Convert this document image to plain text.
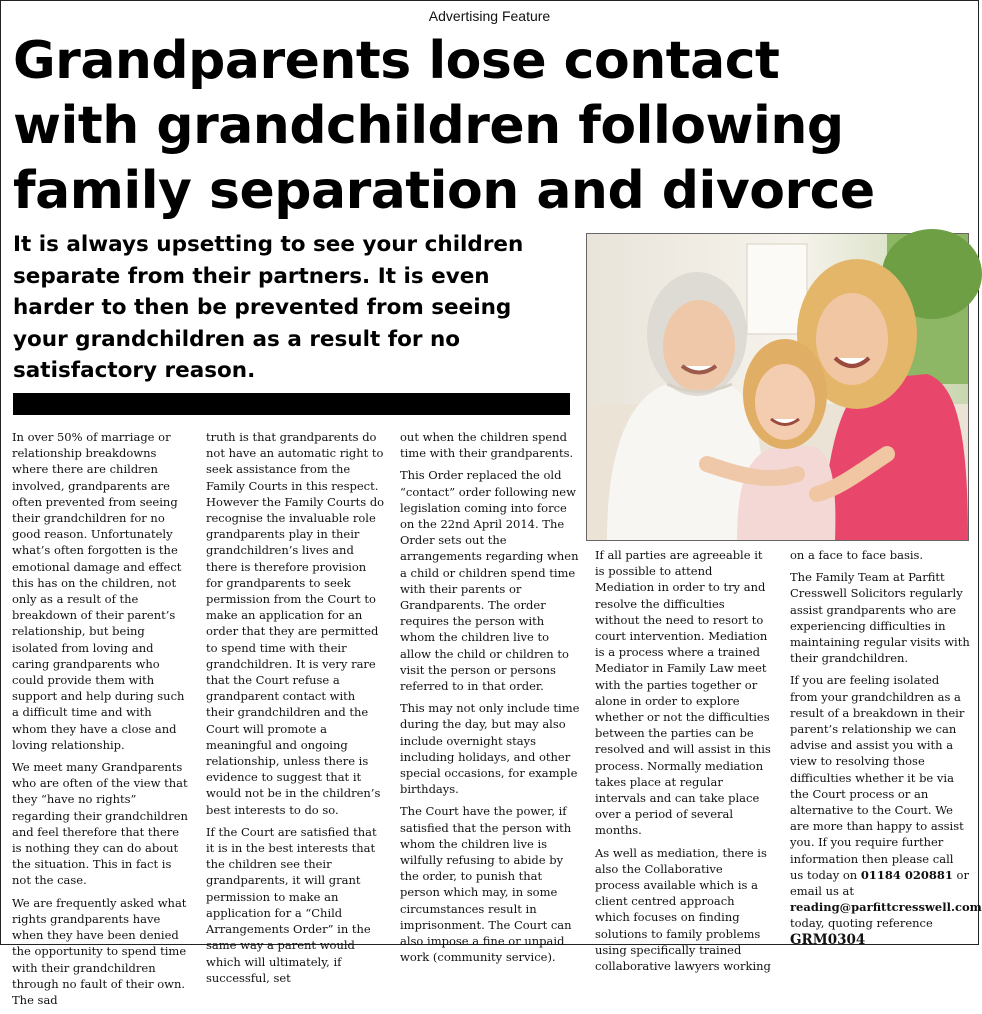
Advertising Feature
Grandparents lose contact
with grandchildren following
family separation and divorce

It is always upsetting to see your children separate from their partners. It is even harder to then be prevented from seeing your grandchildren as a result for no satisfactory reason.

In over 50% of marriage or relationship breakdowns where there are children involved, grandparents are often prevented from seeing their grandchildren for no good reason. Unfortunately what’s often forgotten is the emotional damage and effect this has on the children, not only as a result of the breakdown of their parent’s relationship, but being isolated from loving and caring grandparents who could provide them with support and help during such a difficult time and with whom they have a close and loving relationship.

We meet many Grandparents who are often of the view that they “have no rights” regarding their grandchildren and feel therefore that there is nothing they can do about the situation. This in fact is not the case.

We are frequently asked what rights grandparents have when they have been denied the opportunity to spend time with their grandchildren through no fault of their own. The sad

truth is that grandparents do not have an automatic right to seek assistance from the Family Courts in this respect. However the Family Courts do recognise the invaluable role grandparents play in their grandchildren’s lives and there is therefore provision for grandparents to seek permission from the Court to make an application for an order that they are permitted to spend time with their grandchildren. It is very rare that the Court refuse a grandparent contact with their grandchildren and the Court will promote a meaningful and ongoing relationship, unless there is evidence to suggest that it would not be in the children’s best interests to do so.

If the Court are satisfied that it is in the best interests that the children see their grandparents, it will grant permission to make an application for a “Child Arrangements Order” in the same way a parent would which will ultimately, if successful, set

out when the children spend time with their grandparents.

This Order replaced the old “contact” order following new legislation coming into force on the 22nd April 2014. The Order sets out the arrangements regarding when a child or children spend time with their parents or Grandparents. The order requires the person with whom the children live to allow the child or children to visit the person or persons referred to in that order.

This may not only include time during the day, but may also include overnight stays including holidays, and other special occasions, for example birthdays.

The Court have the power, if satisfied that the person with whom the children live is wilfully refusing to abide by the order, to punish that person which may, in some circumstances result in imprisonment. The Court can also impose a fine or unpaid work (community service).

If all parties are agreeable it is possible to attend Mediation in order to try and resolve the difficulties without the need to resort to court intervention. Mediation is a process where a trained Mediator in Family Law meet with the parties together or alone in order to explore whether or not the difficulties between the parties can be resolved and will assist in this process. Normally mediation takes place at regular intervals and can take place over a period of several months.

As well as mediation, there is also the Collaborative process available which is a client centred approach which focuses on finding solutions to family problems using specifically trained collaborative lawyers working

on a face to face basis.

The Family Team at Parfitt Cresswell Solicitors regularly assist grandparents who are experiencing difficulties in maintaining regular visits with their grandchildren.

If you are feeling isolated from your grandchildren as a result of a breakdown in their parent’s relationship we can advise and assist you with a view to resolving those difficulties whether it be via the Court process or an alternative to the Court. We are more than happy to assist you. If you require further information then please call us today on 01184 020881 or email us at
reading@parfittcresswell.com today, quoting reference
GRM0304
